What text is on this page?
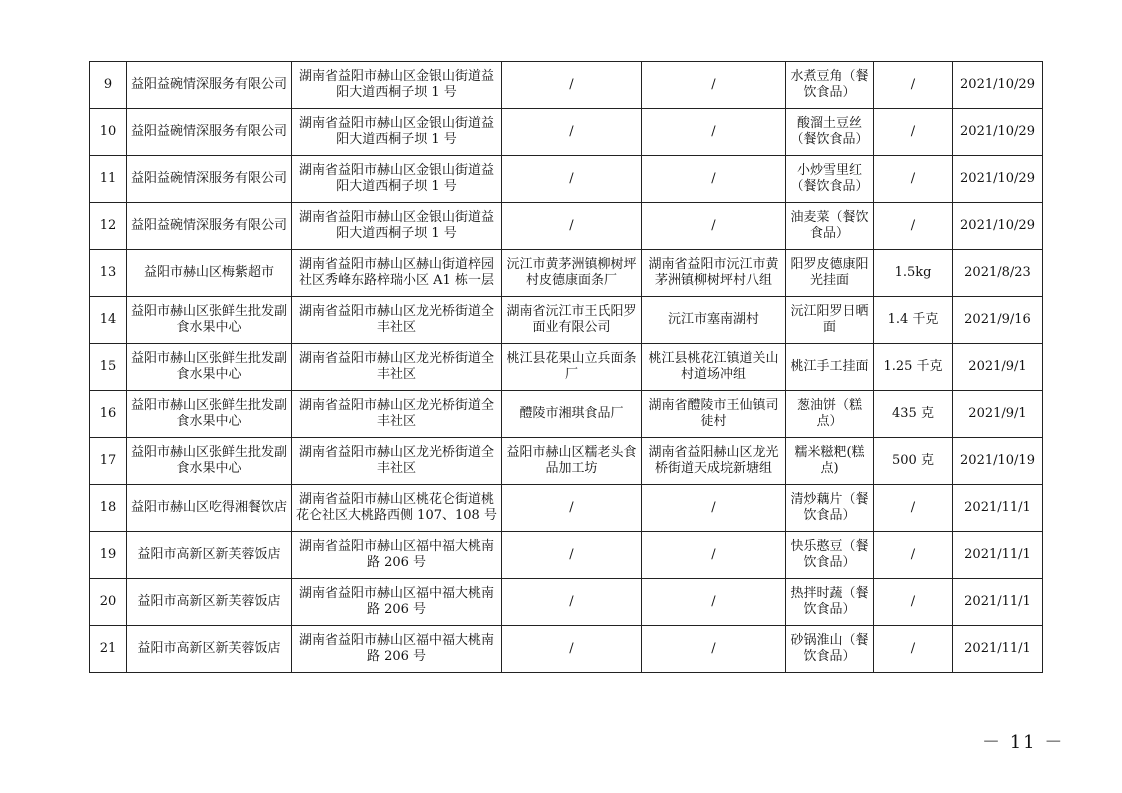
9	益阳益碗情深服务有限公司	湖南省益阳市赫山区金银山街道益阳大道西桐子坝 1 号	/	/	水煮豆角（餐饮食品）	/	2021/10/29
10	益阳益碗情深服务有限公司	湖南省益阳市赫山区金银山街道益阳大道西桐子坝 1 号	/	/	酸溜土豆丝（餐饮食品）	/	2021/10/29
11	益阳益碗情深服务有限公司	湖南省益阳市赫山区金银山街道益阳大道西桐子坝 1 号	/	/	小炒雪里红（餐饮食品）	/	2021/10/29
12	益阳益碗情深服务有限公司	湖南省益阳市赫山区金银山街道益阳大道西桐子坝 1 号	/	/	油麦菜（餐饮食品）	/	2021/10/29
13	益阳市赫山区梅紫超市	湖南省益阳市赫山区赫山街道梓园社区秀峰东路梓瑞小区 A1 栋一层	沅江市黄茅洲镇柳树坪村皮德康面条厂	湖南省益阳市沅江市黄茅洲镇柳树坪村八组	阳罗皮德康阳光挂面	1.5kg	2021/8/23
14	益阳市赫山区张鲜生批发副食水果中心	湖南省益阳市赫山区龙光桥街道全丰社区	湖南省沅江市王氏阳罗面业有限公司	沅江市塞南湖村	沅江阳罗日晒面	1.4 千克	2021/9/16
15	益阳市赫山区张鲜生批发副食水果中心	湖南省益阳市赫山区龙光桥街道全丰社区	桃江县花果山立兵面条厂	桃江县桃花江镇道关山村道场冲组	桃江手工挂面	1.25 千克	2021/9/1
16	益阳市赫山区张鲜生批发副食水果中心	湖南省益阳市赫山区龙光桥街道全丰社区	醴陵市湘琪食品厂	湖南省醴陵市王仙镇司徒村	葱油饼（糕点）	435 克	2021/9/1
17	益阳市赫山区张鲜生批发副食水果中心	湖南省益阳市赫山区龙光桥街道全丰社区	益阳市赫山区糯老头食品加工坊	湖南省益阳赫山区龙光桥街道天成垸新塘组	糯米糍粑(糕点)	500 克	2021/10/19
18	益阳市赫山区吃得湘餐饮店	湖南省益阳市赫山区桃花仑街道桃花仑社区大桃路西侧 107、108 号	/	/	清炒藕片（餐饮食品）	/	2021/11/1
19	益阳市高新区新芙蓉饭店	湖南省益阳市赫山区福中福大桃南路 206 号	/	/	快乐憨豆（餐饮食品）	/	2021/11/1
20	益阳市高新区新芙蓉饭店	湖南省益阳市赫山区福中福大桃南路 206 号	/	/	热拌时蔬（餐饮食品）	/	2021/11/1
21	益阳市高新区新芙蓉饭店	湖南省益阳市赫山区福中福大桃南路 206 号	/	/	砂锅淮山（餐饮食品）	/	2021/11/1
－ 11 －
